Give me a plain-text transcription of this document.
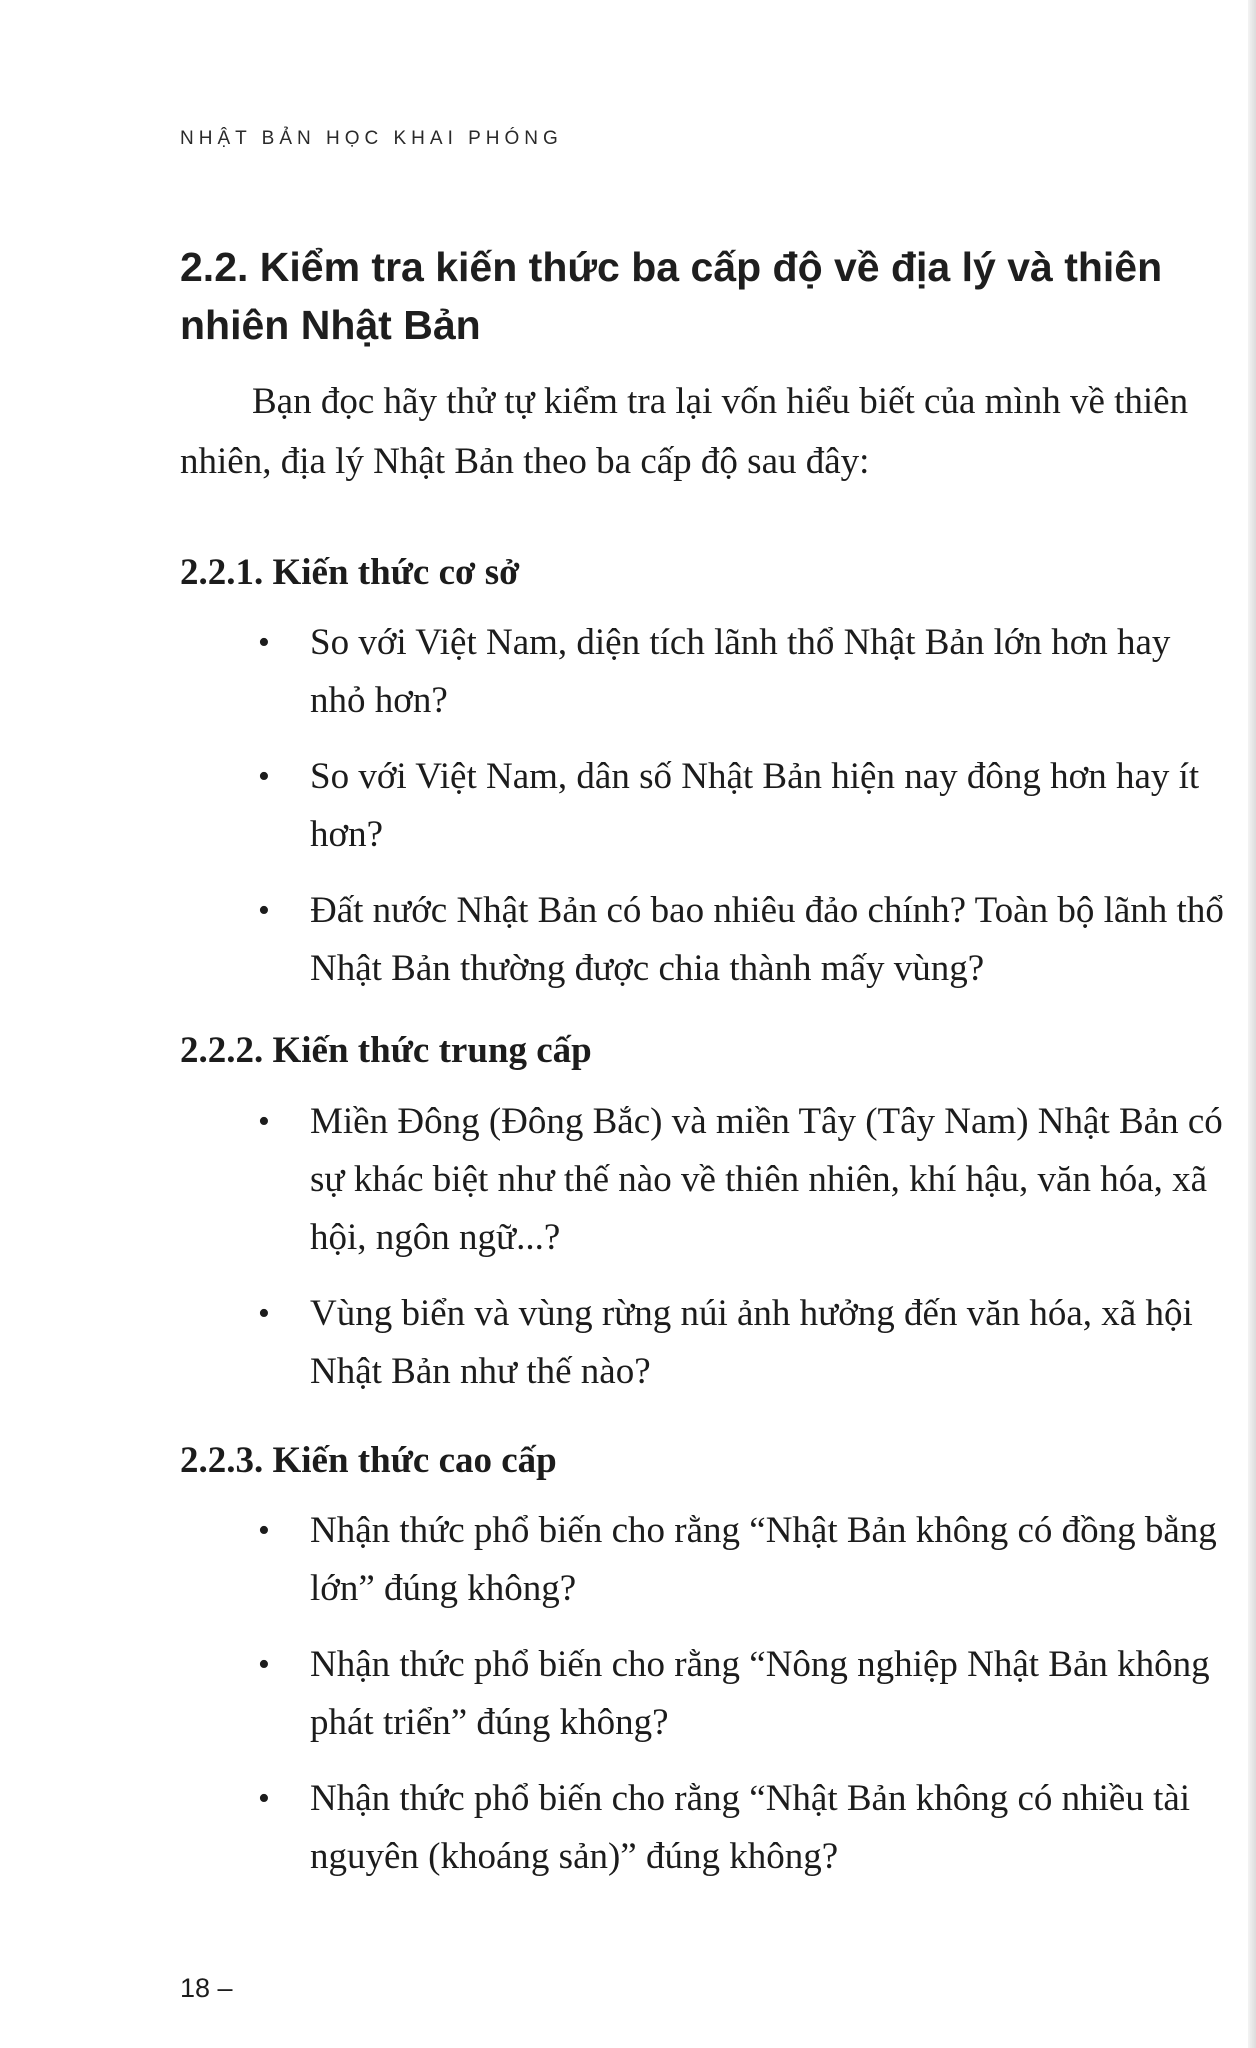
NHẬT BẢN HỌC KHAI PHÓNG
2.2. Kiểm tra kiến thức ba cấp độ về địa lý và thiên nhiên Nhật Bản

Bạn đọc hãy thử tự kiểm tra lại vốn hiểu biết của mình về thiên nhiên, địa lý Nhật Bản theo ba cấp độ sau đây:

2.2.1. Kiến thức cơ sở
• So với Việt Nam, diện tích lãnh thổ Nhật Bản lớn hơn hay nhỏ hơn?
• So với Việt Nam, dân số Nhật Bản hiện nay đông hơn hay ít hơn?
• Đất nước Nhật Bản có bao nhiêu đảo chính? Toàn bộ lãnh thổ Nhật Bản thường được chia thành mấy vùng?
2.2.2. Kiến thức trung cấp
• Miền Đông (Đông Bắc) và miền Tây (Tây Nam) Nhật Bản có sự khác biệt như thế nào về thiên nhiên, khí hậu, văn hóa, xã hội, ngôn ngữ...?
• Vùng biển và vùng rừng núi ảnh hưởng đến văn hóa, xã hội Nhật Bản như thế nào?
2.2.3. Kiến thức cao cấp
• Nhận thức phổ biến cho rằng “Nhật Bản không có đồng bằng lớn” đúng không?
• Nhận thức phổ biến cho rằng “Nông nghiệp Nhật Bản không phát triển” đúng không?
• Nhận thức phổ biến cho rằng “Nhật Bản không có nhiều tài nguyên (khoáng sản)” đúng không?
18 –
